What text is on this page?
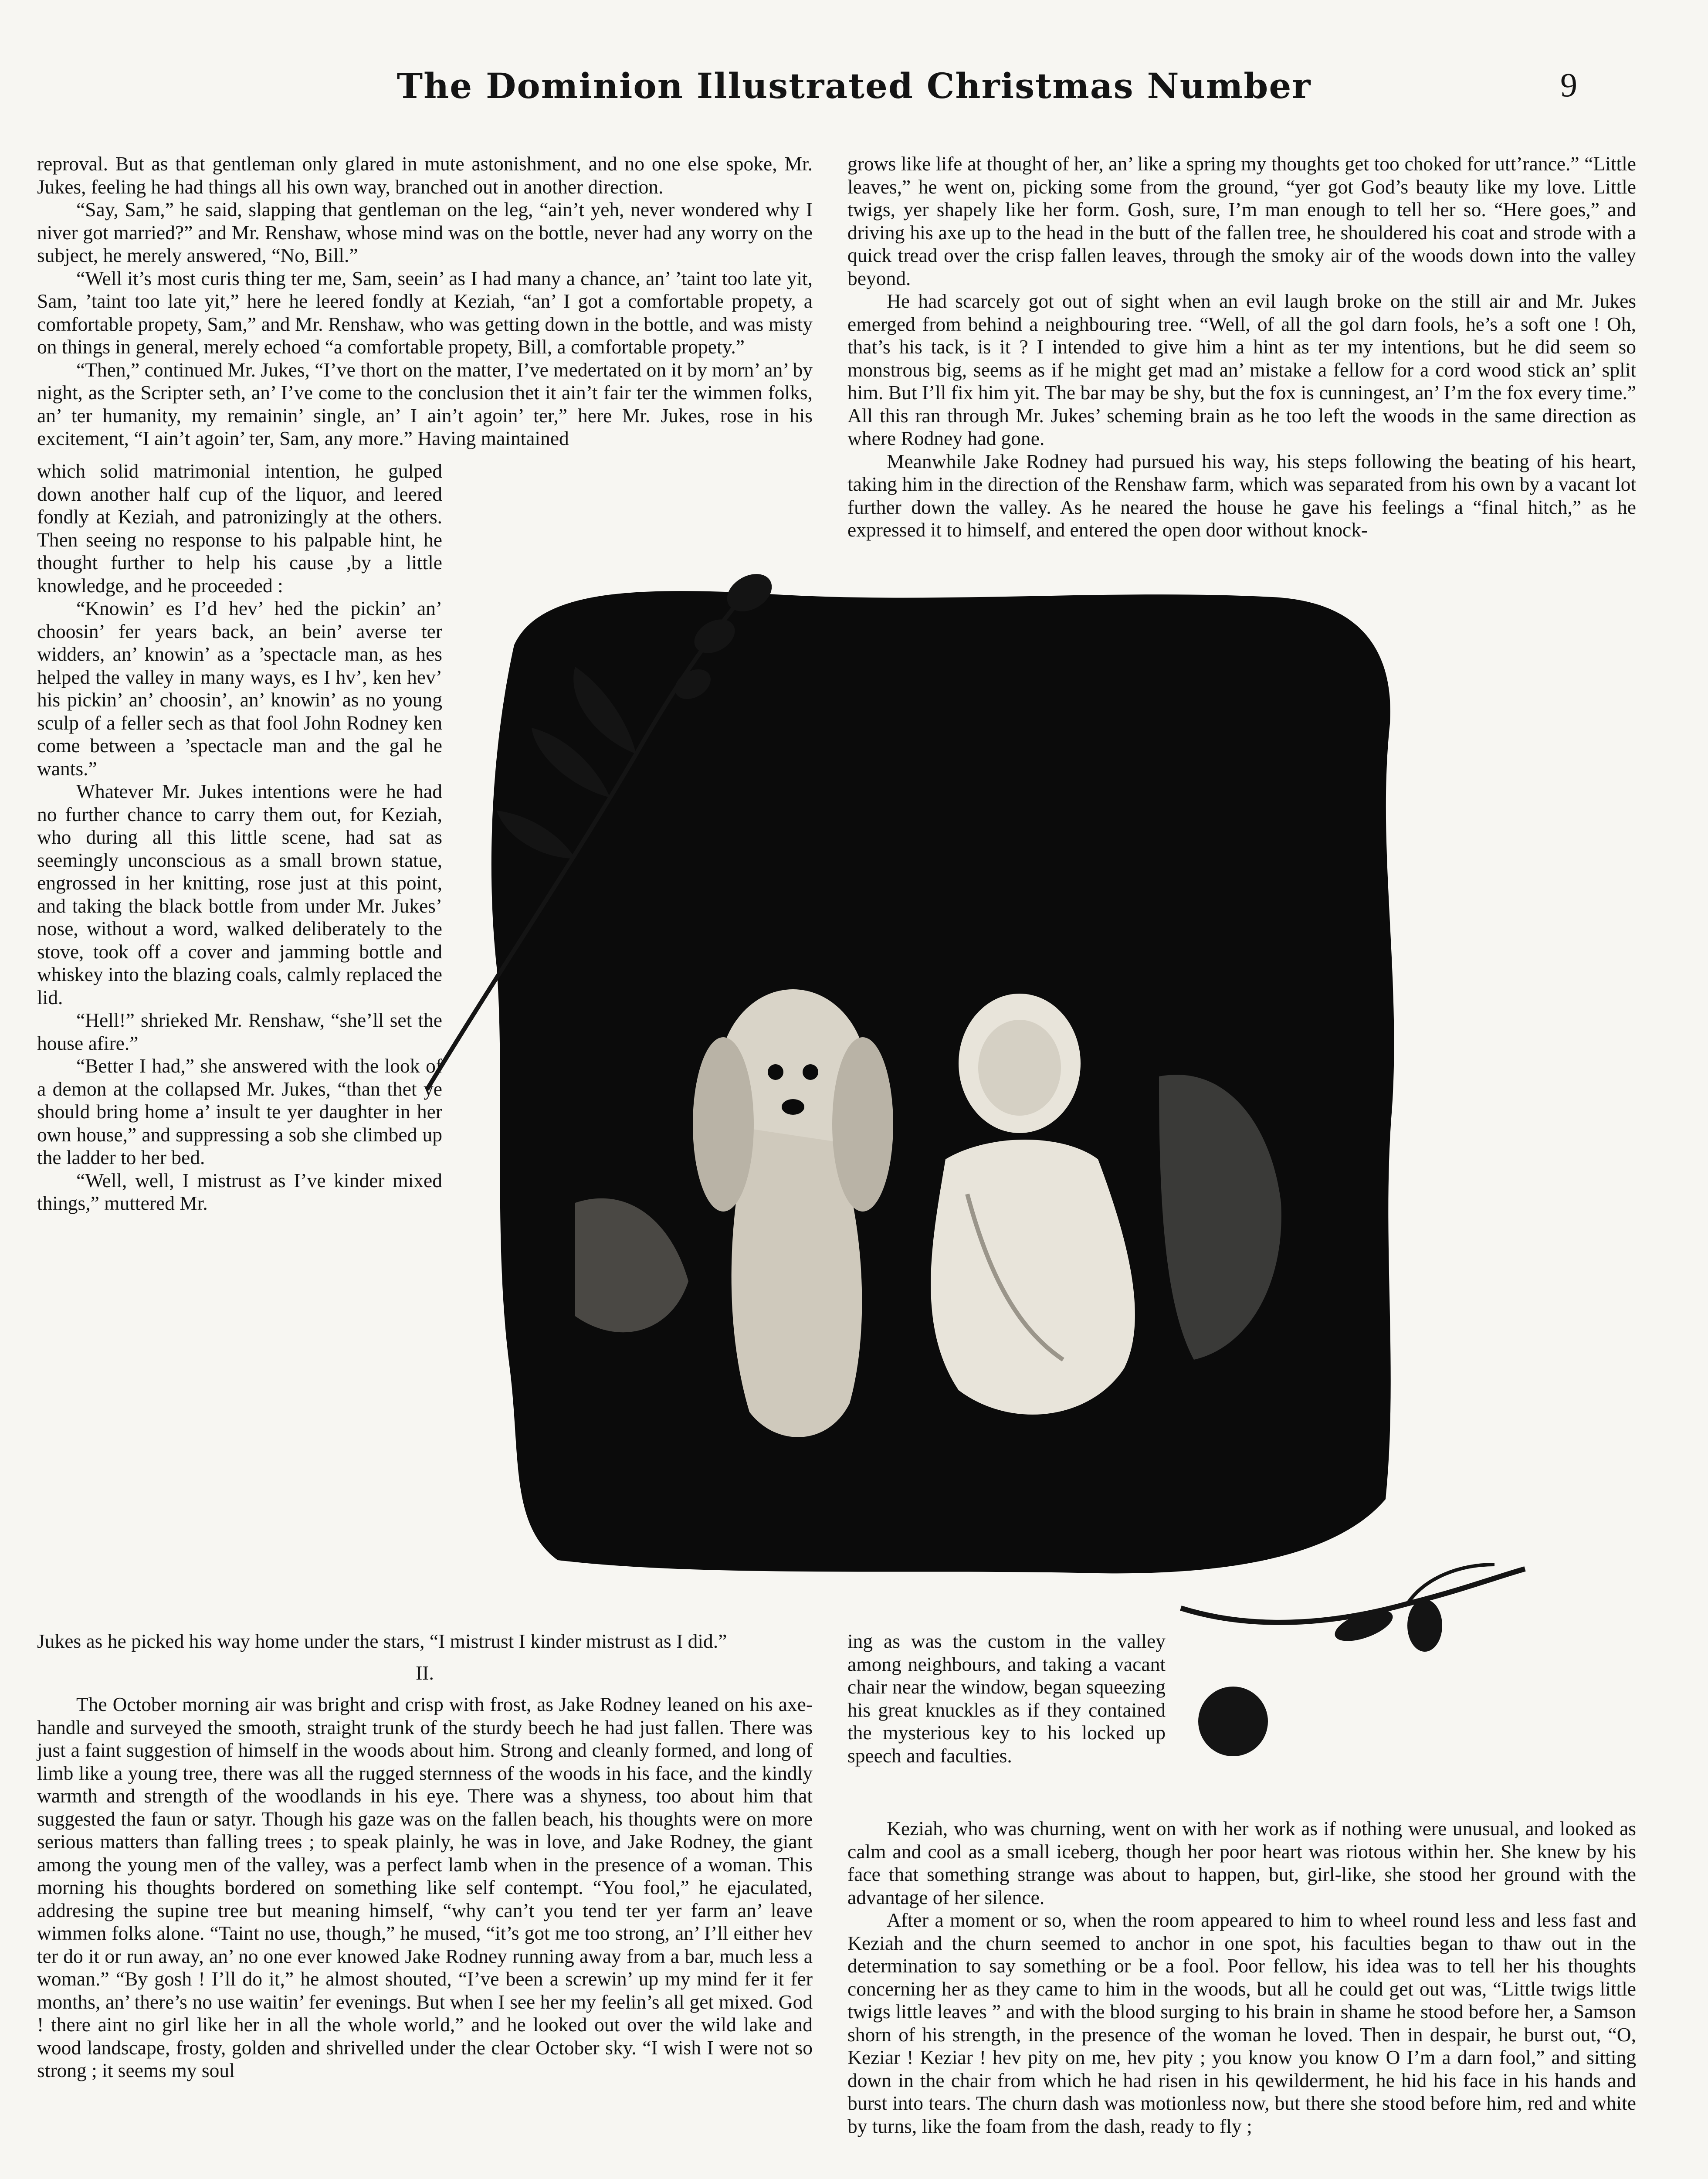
The Dominion Illustrated Christmas Number	9

reproval. But as that gentleman only glared in mute astonishment, and no one else spoke, Mr. Jukes, feeling he had things all his own way, branched out in another direction.

“Say, Sam,” he said, slapping that gentleman on the leg, “ain’t yeh, never wondered why I niver got married?” and Mr. Renshaw, whose mind was on the bottle, never had any worry on the subject, he merely answered, “No, Bill.”

“Well it’s most curis thing ter me, Sam, seein’ as I had many a chance, an’ ’taint too late yit, Sam, ’taint too late yit,” here he leered fondly at Keziah, “an’ I got a comfortable propety, a comfortable propety, Sam,” and Mr. Renshaw, who was getting down in the bottle, and was misty on things in general, merely echoed “a comfortable propety, Bill, a comfortable propety.”

“Then,” continued Mr. Jukes, “I’ve thort on the matter, I’ve medertated on it by morn’ an’ by night, as the Scripter seth, an’ I’ve come to the conclusion thet it ain’t fair ter the wimmen folks, an’ ter humanity, my remainin’ single, an’ I ain’t agoin’ ter,” here Mr. Jukes, rose in his excitement, “I ain’t agoin’ ter, Sam, any more.” Having maintained

which solid matrimonial intention, he gulped down another half cup of the liquor, and leered fondly at Keziah, and patronizingly at the others. Then seeing no response to his palpable hint, he thought further to help his cause ,by a little knowledge, and he proceeded :

“Knowin’ es I’d hev’ hed the pickin’ an’ choosin’ fer years back, an bein’ averse ter widders, an’ knowin’ as a ’spectacle man, as hes helped the valley in many ways, es I hv’, ken hev’ his pickin’ an’ choosin’, an’ knowin’ as no young sculp of a feller sech as that fool John Rodney ken come between a ’spectacle man and the gal he wants.”

Whatever Mr. Jukes intentions were he had no further chance to carry them out, for Keziah, who during all this little scene, had sat as seemingly unconscious as a small brown statue, engrossed in her knitting, rose just at this point, and taking the black bottle from under Mr. Jukes’ nose, without a word, walked deliberately to the stove, took off a cover and jamming bottle and whiskey into the blazing coals, calmly replaced the lid.

“Hell!” shrieked Mr. Renshaw, “she’ll set the house afire.”

“Better I had,” she answered with the look of a demon at the collapsed Mr. Jukes, “than thet ye should bring home a’ insult te yer daughter in her own house,” and suppressing a sob she climbed up the ladder to her bed.

“Well, well, I mistrust as I’ve kinder mixed things,” muttered Mr.

Jukes as he picked his way home under the stars, “I mistrust I kinder mistrust as I did.”

II.

The October morning air was bright and crisp with frost, as Jake Rodney leaned on his axe-handle and surveyed the smooth, straight trunk of the sturdy beech he had just fallen. There was just a faint suggestion of himself in the woods about him. Strong and cleanly formed, and long of limb like a young tree, there was all the rugged sternness of the woods in his face, and the kindly warmth and strength of the woodlands in his eye. There was a shyness, too about him that suggested the faun or satyr. Though his gaze was on the fallen beach, his thoughts were on more serious matters than falling trees ; to speak plainly, he was in love, and Jake Rodney, the giant among the young men of the valley, was a perfect lamb when in the presence of a woman. This morning his thoughts bordered on something like self contempt. “You fool,” he ejaculated, addresing the supine tree but meaning himself, “why can’t you tend ter yer farm an’ leave wimmen folks alone. “Taint no use, though,” he mused, “it’s got me too strong, an’ I’ll either hev ter do it or run away, an’ no one ever knowed Jake Rodney running away from a bar, much less a woman.” “By gosh ! I’ll do it,” he almost shouted, “I’ve been a screwin’ up my mind fer it fer months, an’ there’s no use waitin’ fer evenings. But when I see her my feelin’s all get mixed. God ! there aint no girl like her in all the whole world,” and he looked out over the wild lake and wood landscape, frosty, golden and shrivelled under the clear October sky. “I wish I were not so strong ; it seems my soul

grows like life at thought of her, an’ like a spring my thoughts get too choked for utt’rance.” “Little leaves,” he went on, picking some from the ground, “yer got God’s beauty like my love. Little twigs, yer shapely like her form. Gosh, sure, I’m man enough to tell her so. “Here goes,” and driving his axe up to the head in the butt of the fallen tree, he shouldered his coat and strode with a quick tread over the crisp fallen leaves, through the smoky air of the woods down into the valley beyond.

He had scarcely got out of sight when an evil laugh broke on the still air and Mr. Jukes emerged from behind a neighbouring tree. “Well, of all the gol darn fools, he’s a soft one ! Oh, that’s his tack, is it ? I intended to give him a hint as ter my intentions, but he did seem so monstrous big, seems as if he might get mad an’ mistake a fellow for a cord wood stick an’ split him. But I’ll fix him yit. The bar may be shy, but the fox is cunningest, an’ I’m the fox every time.” All this ran through Mr. Jukes’ scheming brain as he too left the woods in the same direction as where Rodney had gone.

Meanwhile Jake Rodney had pursued his way, his steps following the beating of his heart, taking him in the direction of the Renshaw farm, which was separated from his own by a vacant lot further down the valley. As he neared the house he gave his feelings a “final hitch,” as he expressed it to himself, and entered the open door without knock-

ing as was the custom in the valley among neighbours, and taking a vacant chair near the window, began squeezing his great knuckles as if they contained the mysterious key to his locked up speech and faculties.

Keziah, who was churning, went on with her work as if nothing were unusual, and looked as calm and cool as a small iceberg, though her poor heart was riotous within her. She knew by his face that something strange was about to happen, but, girl-like, she stood her ground with the advantage of her silence.

After a moment or so, when the room appeared to him to wheel round less and less fast and Keziah and the churn seemed to anchor in one spot, his faculties began to thaw out in the determination to say something or be a fool. Poor fellow, his idea was to tell her his thoughts concerning her as they came to him in the woods, but all he could get out was, “Little twigs little twigs little leaves ” and with the blood surging to his brain in shame he stood before her, a Samson shorn of his strength, in the presence of the woman he loved. Then in despair, he burst out, “O, Keziar ! Keziar ! hev pity on me, hev pity ; you know you know O I’m a darn fool,” and sitting down in the chair from which he had risen in his qewilderment, he hid his face in his hands and burst into tears. The churn dash was motionless now, but there she stood before him, red and white by turns, like the foam from the dash, ready to fly ;
